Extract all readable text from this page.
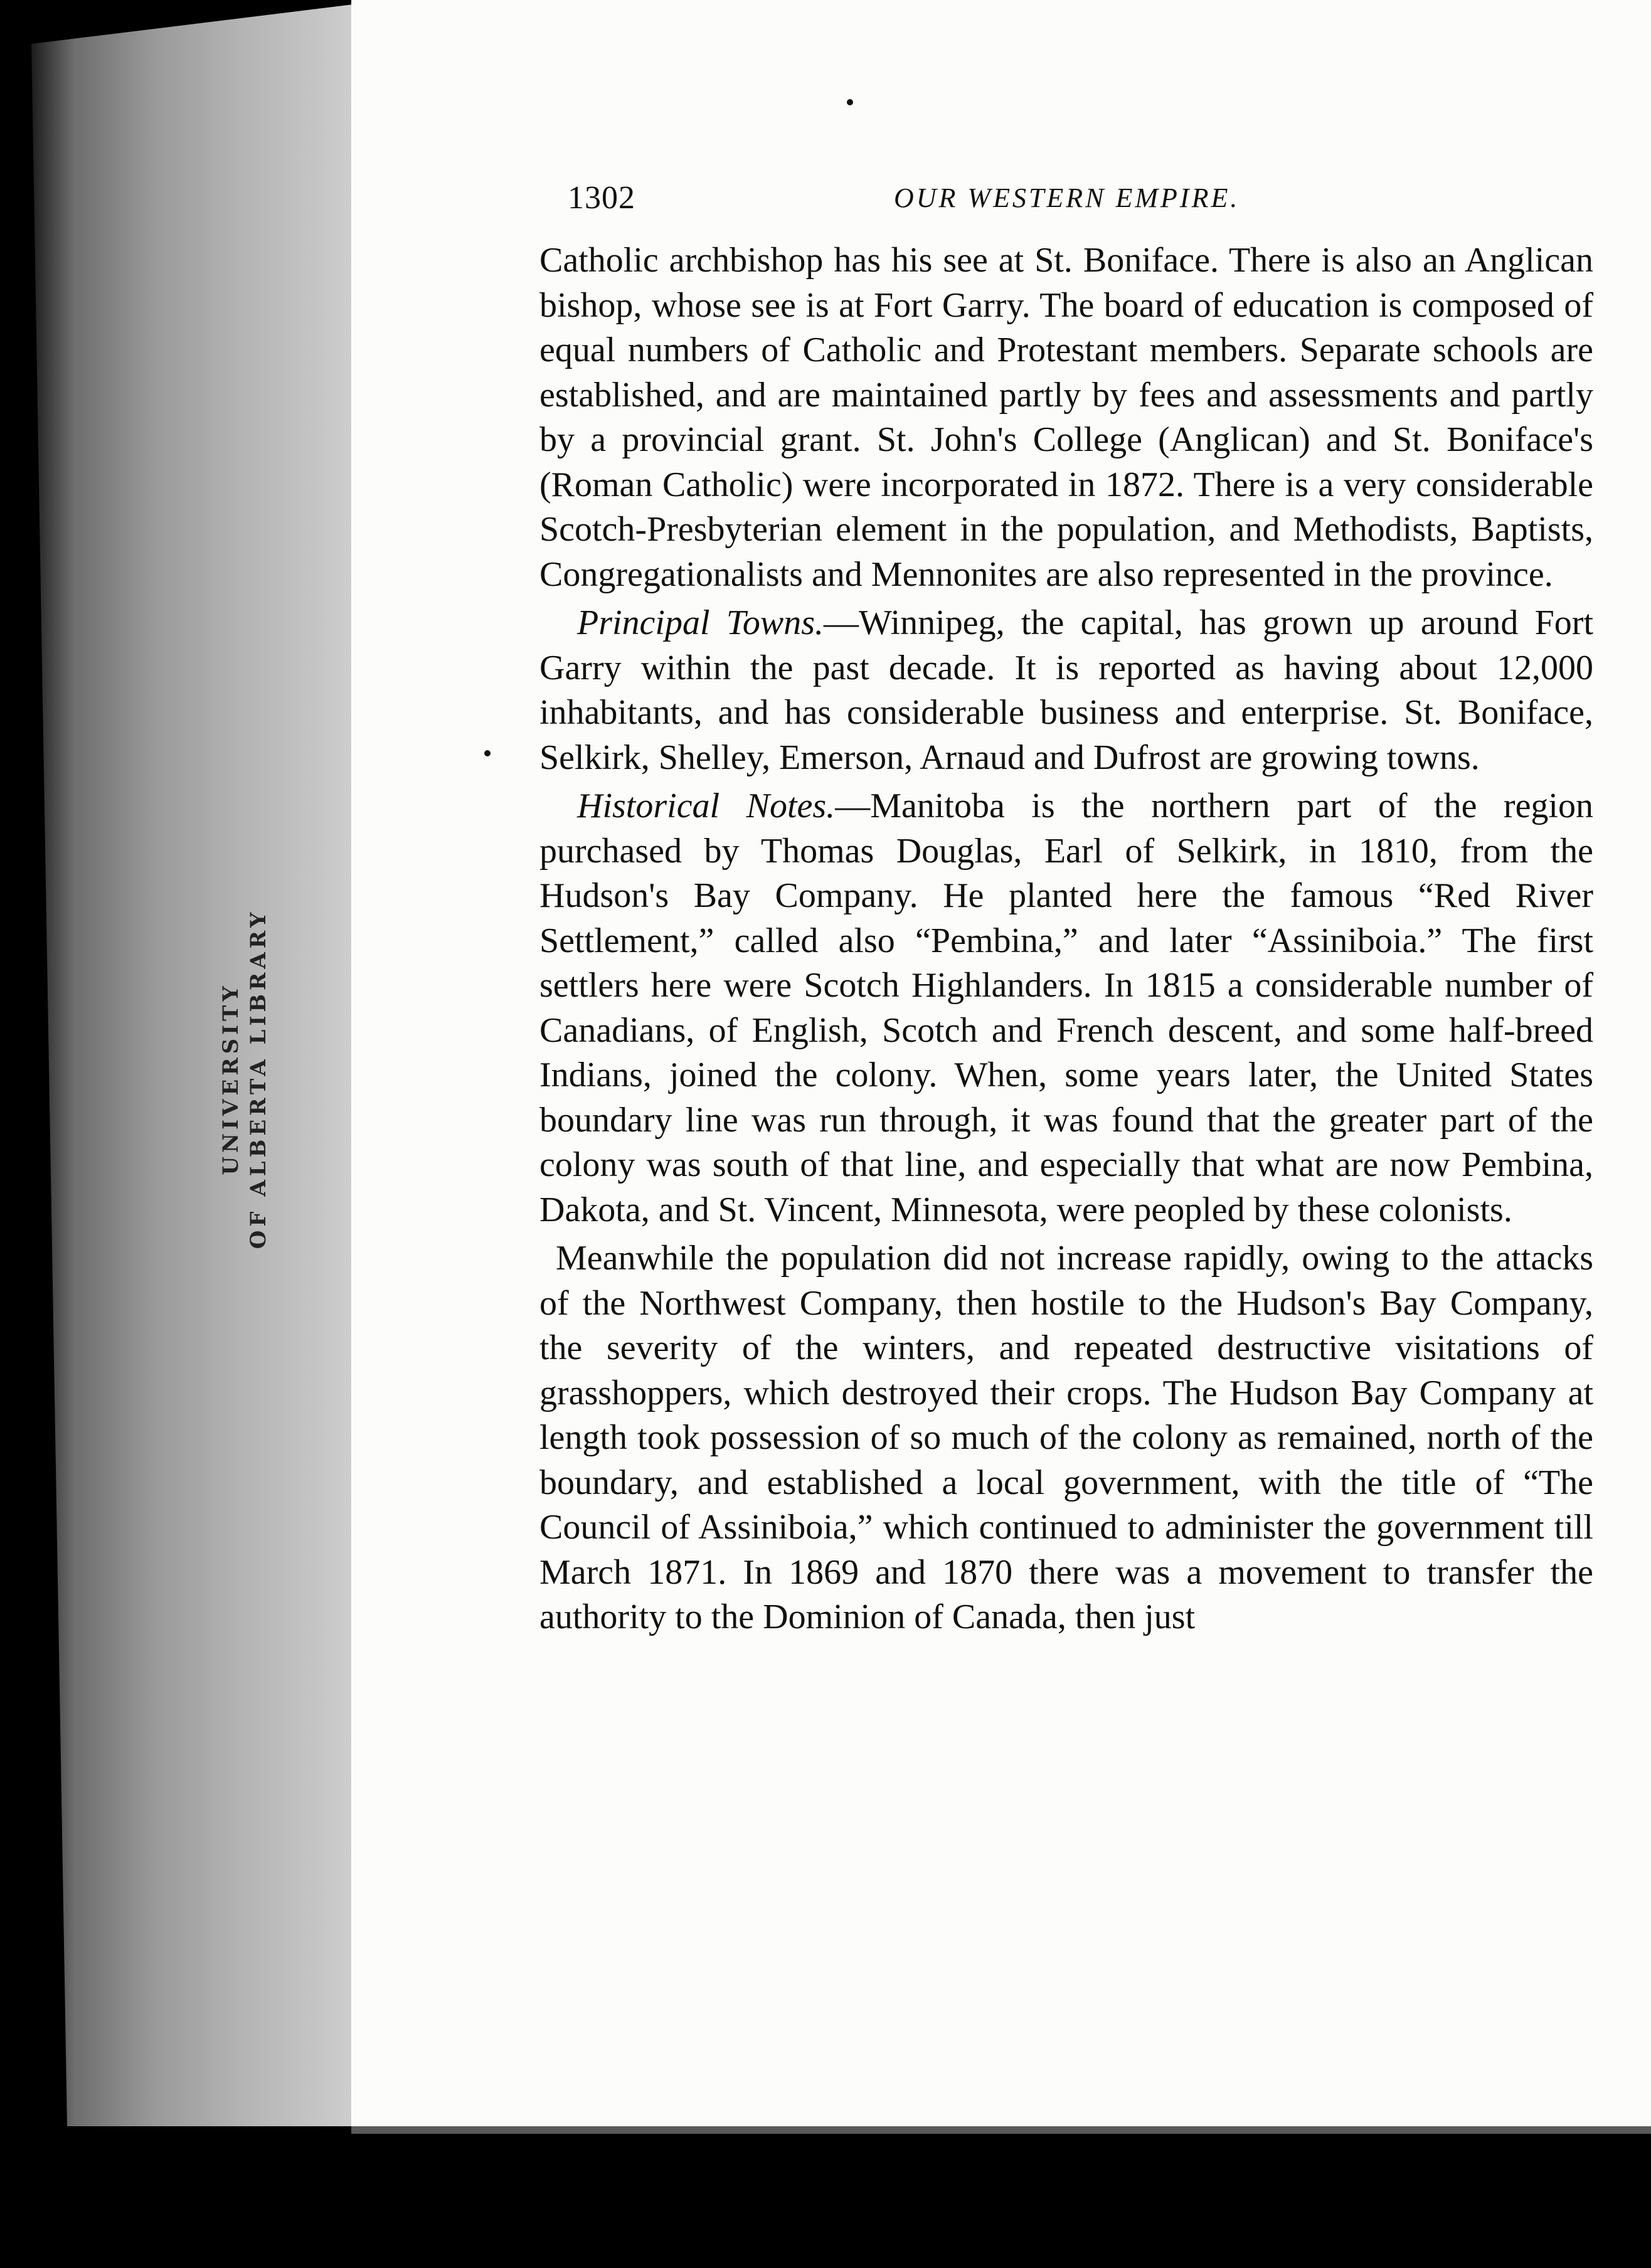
UNIVERSITY OF ALBERTA LIBRARY
1302	OUR WESTERN EMPIRE.

Catholic archbishop has his see at St. Boniface. There is also an Anglican bishop, whose see is at Fort Garry. The board of education is composed of equal numbers of Catholic and Protestant members. Separate schools are established, and are maintained partly by fees and assessments and partly by a provincial grant. St. John's College (Anglican) and St. Boniface's (Roman Catholic) were incorporated in 1872. There is a very considerable Scotch-Presbyterian element in the population, and Methodists, Baptists, Congregationalists and Mennonites are also represented in the province.

Principal Towns.—Winnipeg, the capital, has grown up around Fort Garry within the past decade. It is reported as having about 12,000 inhabitants, and has considerable business and enterprise. St. Boniface, Selkirk, Shelley, Emerson, Arnaud and Dufrost are growing towns.

Historical Notes.—Manitoba is the northern part of the region purchased by Thomas Douglas, Earl of Selkirk, in 1810, from the Hudson's Bay Company. He planted here the famous “Red River Settlement,” called also “Pembina,” and later “Assiniboia.” The first settlers here were Scotch Highlanders. In 1815 a considerable number of Canadians, of English, Scotch and French descent, and some half-breed Indians, joined the colony. When, some years later, the United States boundary line was run through, it was found that the greater part of the colony was south of that line, and especially that what are now Pembina, Dakota, and St. Vincent, Minnesota, were peopled by these colonists.

Meanwhile the population did not increase rapidly, owing to the attacks of the Northwest Company, then hostile to the Hudson's Bay Company, the severity of the winters, and repeated destructive visitations of grasshoppers, which destroyed their crops. The Hudson Bay Company at length took possession of so much of the colony as remained, north of the boundary, and established a local government, with the title of “The Council of Assiniboia,” which continued to administer the government till March 1871. In 1869 and 1870 there was a movement to transfer the authority to the Dominion of Canada, then just
